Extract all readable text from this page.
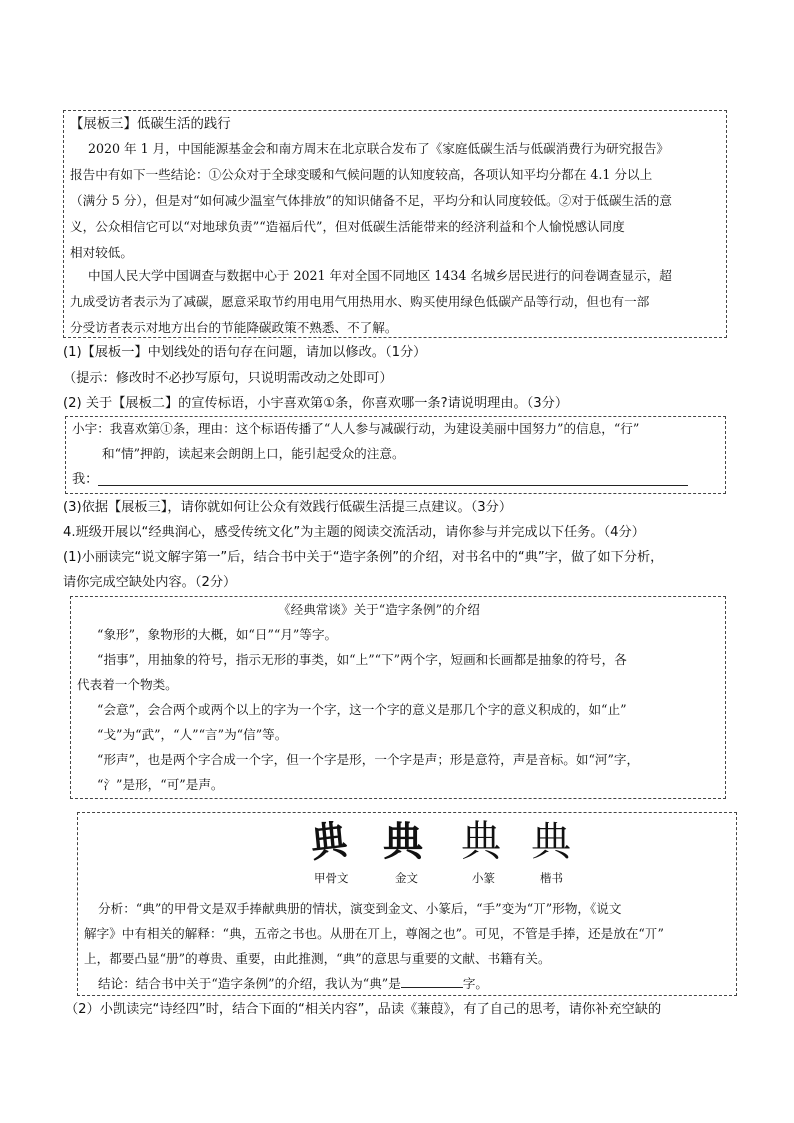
【展板三】低碳生活的践行
2020 年 1 月，中国能源基金会和南方周末在北京联合发布了《家庭低碳生活与低碳消费行为研究报告》
报告中有如下一些结论：①公众对于全球变暖和气候问题的认知度较高，各项认知平均分都在 4.1 分以上
（满分 5 分），但是对“如何减少温室气体排放”的知识储备不足，平均分和认同度较低。②对于低碳生活的意
义，公众相信它可以“对地球负责”“造福后代”，但对低碳生活能带来的经济利益和个人愉悦感认同度
相对较低。
中国人民大学中国调查与数据中心于 2021 年对全国不同地区 1434 名城乡居民进行的问卷调查显示，超
九成受访者表示为了减碳，愿意采取节约用电用气用热用水、购买使用绿色低碳产品等行动，但也有一部
分受访者表示对地方出台的节能降碳政策不熟悉、不了解。
(1)【展板一】中划线处的语句存在问题，请加以修改。（1分）
（提示：修改时不必抄写原句，只说明需改动之处即可）
(2) 关于【展板二】的宣传标语，小宇喜欢第①条，你喜欢哪一条?请说明理由。（3分）
小宇：我喜欢第①条，理由：这个标语传播了“人人参与减碳行动，为建设美丽中国努力”的信息，“行”
和“情”押韵，读起来会朗朗上口，能引起受众的注意。
我：
(3)依据【展板三】，请你就如何让公众有效践行低碳生活提三点建议。（3分）
4.班级开展以“经典润心，感受传统文化”为主题的阅读交流活动，请你参与并完成以下任务。（4分）
(1)小丽读完“说文解字第一”后，结合书中关于“造字条例”的介绍，对书名中的“典”字，做了如下分析，
请你完成空缺处内容。（2分）
《经典常谈》关于“造字条例”的介绍
“象形”，象物形的大概，如“日”“月”等字。
“指事”，用抽象的符号，指示无形的事类，如“上”“下”两个字，短画和长画都是抽象的符号，各
代表着一个物类。
“会意”，会合两个或两个以上的字为一个字，这一个字的意义是那几个字的意义积成的，如“止”
“戈”为“武”，“人”“言”为“信”等。
“形声”，也是两个字合成一个字，但一个字是形，一个字是声；形是意符，声是音标。如“河”字，
“氵”是形，“可”是声。
典 典 典 典
甲骨文	金文	小篆	楷书
分析：“典”的甲骨文是双手捧献典册的情状，演变到金文、小篆后，“手”变为“丌”形物，《说文
解字》中有相关的解释：“典，五帝之书也。从册在丌上，尊阁之也”。可见，不管是手捧，还是放在“丌”
上，都要凸显“册”的尊贵、重要，由此推测，“典”的意思与重要的文献、书籍有关。
结论：结合书中关于“造字条例”的介绍，我认为“典”是	字。
（2）小凯读完“诗经四”时，结合下面的“相关内容”，品读《蒹葭》，有了自己的思考，请你补充空缺的
